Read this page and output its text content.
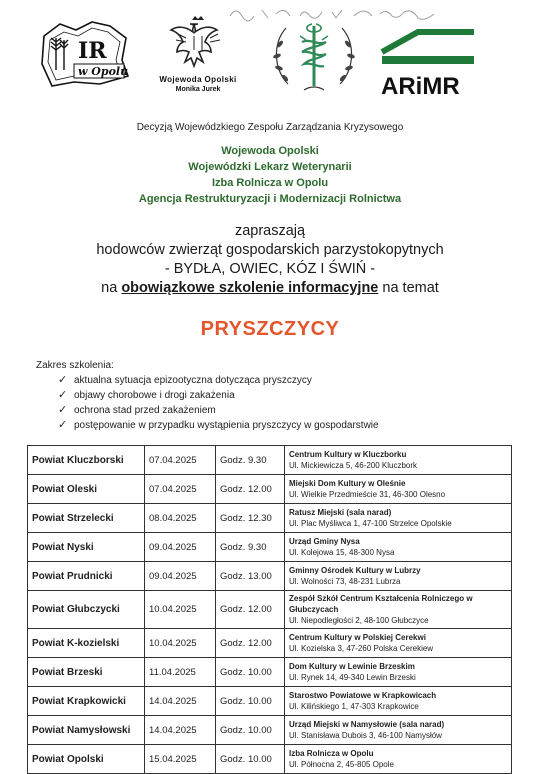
IR
w Opolu
Wojewoda Opolski
Monika Jurek	ARiMR
Decyzją Wojewódzkiego Zespołu Zarządzania Kryzysowego
Wojewoda Opolski
Wojewódzki Lekarz Weterynarii
Izba Rolnicza w Opolu
Agencja Restrukturyzacji i Modernizacji Rolnictwa
zapraszają
hodowców zwierząt gospodarskich parzystokopytnych
- BYDŁA, OWIEC, KÓZ I ŚWIŃ -
na obowiązkowe szkolenie informacyjne na temat
PRYSZCZYCY
Zakres szkolenia:
✓ aktualna sytuacja epizootyczna dotycząca pryszczycy
✓ objawy chorobowe i drogi zakażenia
✓ ochrona stad przed zakażeniem
✓ postępowanie w przypadku wystąpienia pryszczycy w gospodarstwie
Powiat Kluczborski	07.04.2025	Godz. 9.30	Centrum Kultury w Kluczborku
Ul. Mickiewicza 5, 46-200 Kluczbork

Powiat Oleski	07.04.2025	Godz. 12.00	Miejski Dom Kultury w Oleśnie
Ul. Wielkie Przedmieście 31, 46-300 Olesno

Powiat Strzelecki	08.04.2025	Godz. 12.30	Ratusz Miejski (sala narad)
Ul. Plac Myśliwca 1, 47-100 Strzelce Opolskie

Powiat Nyski	09.04.2025	Godz. 9.30	Urząd Gminy Nysa
Ul. Kolejowa 15, 48-300 Nysa

Powiat Prudnicki	09.04.2025	Godz. 13.00	Gminny Ośrodek Kultury w Lubrzy
Ul. Wolności 73, 48-231 Lubrza

Powiat Głubczycki	10.04.2025	Godz. 12.00	Zespół Szkół Centrum Kształcenia Rolniczego w Głubczycach
Ul. Niepodległości 2, 48-100 Głubczyce

Powiat K-kozielski	10.04.2025	Godz. 12.00	Centrum Kultury w Polskiej Cerekwi
Ul. Kozielska 3, 47-260 Polska Cerekiew

Powiat Brzeski	11.04.2025	Godz. 10.00	Dom Kultury w Lewinie Brzeskim
Ul. Rynek 14, 49-340 Lewin Brzeski

Powiat Krapkowicki	14.04.2025	Godz. 10.00	Starostwo Powiatowe w Krapkowicach
Ul. Kilińskiego 1, 47-303 Krapkowice

Powiat Namysłowski	14.04.2025	Godz. 10.00	Urząd Miejski w Namysłowie (sala narad)
Ul. Stanisława Dubois 3, 46-100 Namysłów

Powiat Opolski	15.04.2025	Godz. 10.00	Izba Rolnicza w Opolu
Ul. Północna 2, 45-805 Opole
